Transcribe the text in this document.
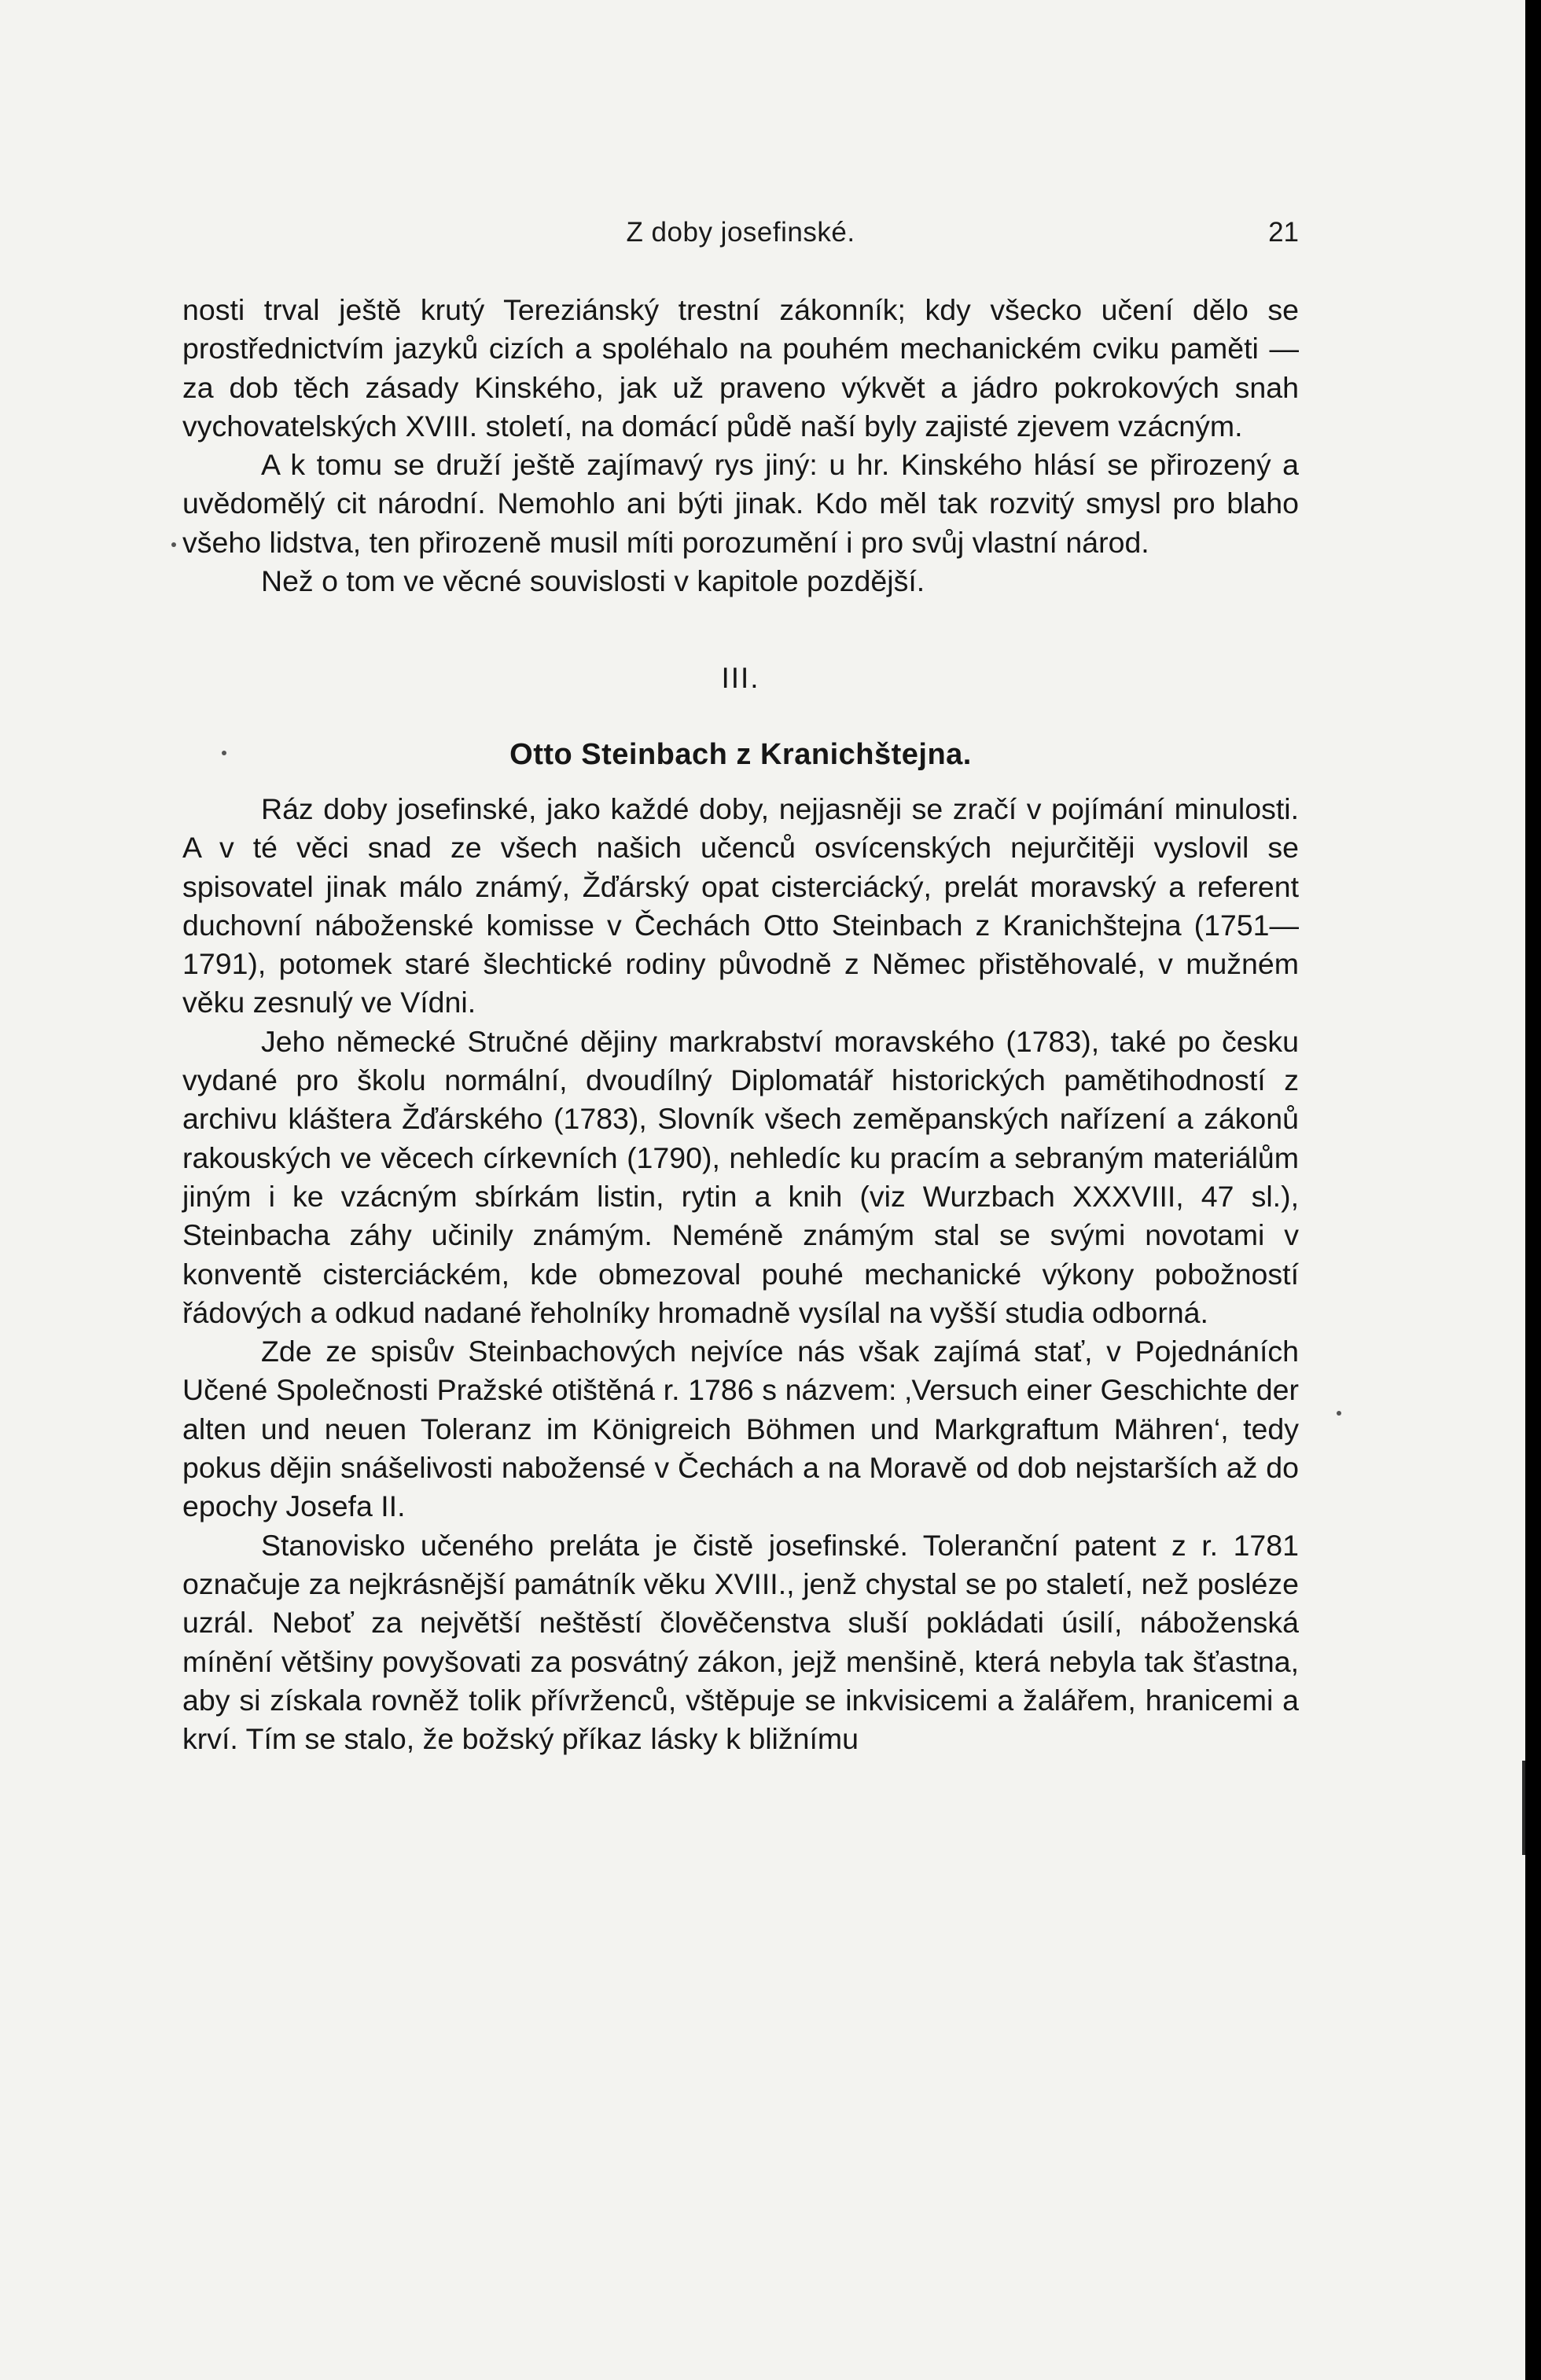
Z doby josefinské.	21

nosti trval ještě krutý Tereziánský trestní zákonník; kdy všecko učení dělo se prostřednictvím jazyků cizích a spoléhalo na pouhém mechanickém cviku paměti — za dob těch zásady Kinského, jak už praveno výkvět a jádro pokrokových snah vychovatelských XVIII. století, na domácí půdě naší byly zajisté zjevem vzácným.

A k tomu se druží ještě zajímavý rys jiný: u hr. Kinského hlásí se přirozený a uvědomělý cit národní. Nemohlo ani býti jinak. Kdo měl tak rozvitý smysl pro blaho všeho lidstva, ten přirozeně musil míti porozumění i pro svůj vlastní národ.

Než o tom ve věcné souvislosti v kapitole pozdější.

III.

Otto Steinbach z Kranichštejna.

Ráz doby josefinské, jako každé doby, nejjasněji se zračí v pojímání minulosti. A v té věci snad ze všech našich učenců osvícenských nejurčitěji vyslovil se spisovatel jinak málo známý, Žďárský opat cisterciácký, prelát moravský a referent duchovní náboženské komisse v Čechách Otto Steinbach z Kranichštejna (1751—1791), potomek staré šlechtické rodiny původně z Němec přistěhovalé, v mužném věku zesnulý ve Vídni.

Jeho německé Stručné dějiny markrabství moravského (1783), také po česku vydané pro školu normální, dvoudílný Diplomatář historických pamětihodností z archivu kláštera Žďárského (1783), Slovník všech zeměpanských nařízení a zákonů rakouských ve věcech církevních (1790), nehledíc ku pracím a sebraným materiálům jiným i ke vzácným sbírkám listin, rytin a knih (viz Wurzbach XXXVIII, 47 sl.), Steinbacha záhy učinily známým. Neméně známým stal se svými novotami v konventě cisterciáckém, kde obmezoval pouhé mechanické výkony pobožností řádových a odkud nadané řeholníky hromadně vysílal na vyšší studia odborná.

Zde ze spisův Steinbachových nejvíce nás však zajímá stať, v Pojednáních Učené Společnosti Pražské otištěná r. 1786 s názvem: ‚Versuch einer Geschichte der alten und neuen Toleranz im Königreich Böhmen und Markgraftum Mähren‘, tedy pokus dějin snášelivosti nabožensé v Čechách a na Moravě od dob nejstarších až do epochy Josefa II.

Stanovisko učeného preláta je čistě josefinské. Toleranční patent z r. 1781 označuje za nejkrásnější památník věku XVIII., jenž chystal se po staletí, než posléze uzrál. Neboť za největší neštěstí člověčenstva sluší pokládati úsilí, náboženská mínění většiny povyšovati za posvátný zákon, jejž menšině, která nebyla tak šťastna, aby si získala rovněž tolik přívrženců, vštěpuje se inkvisicemi a žalářem, hranicemi a krví. Tím se stalo, že božský příkaz lásky k bližnímu
